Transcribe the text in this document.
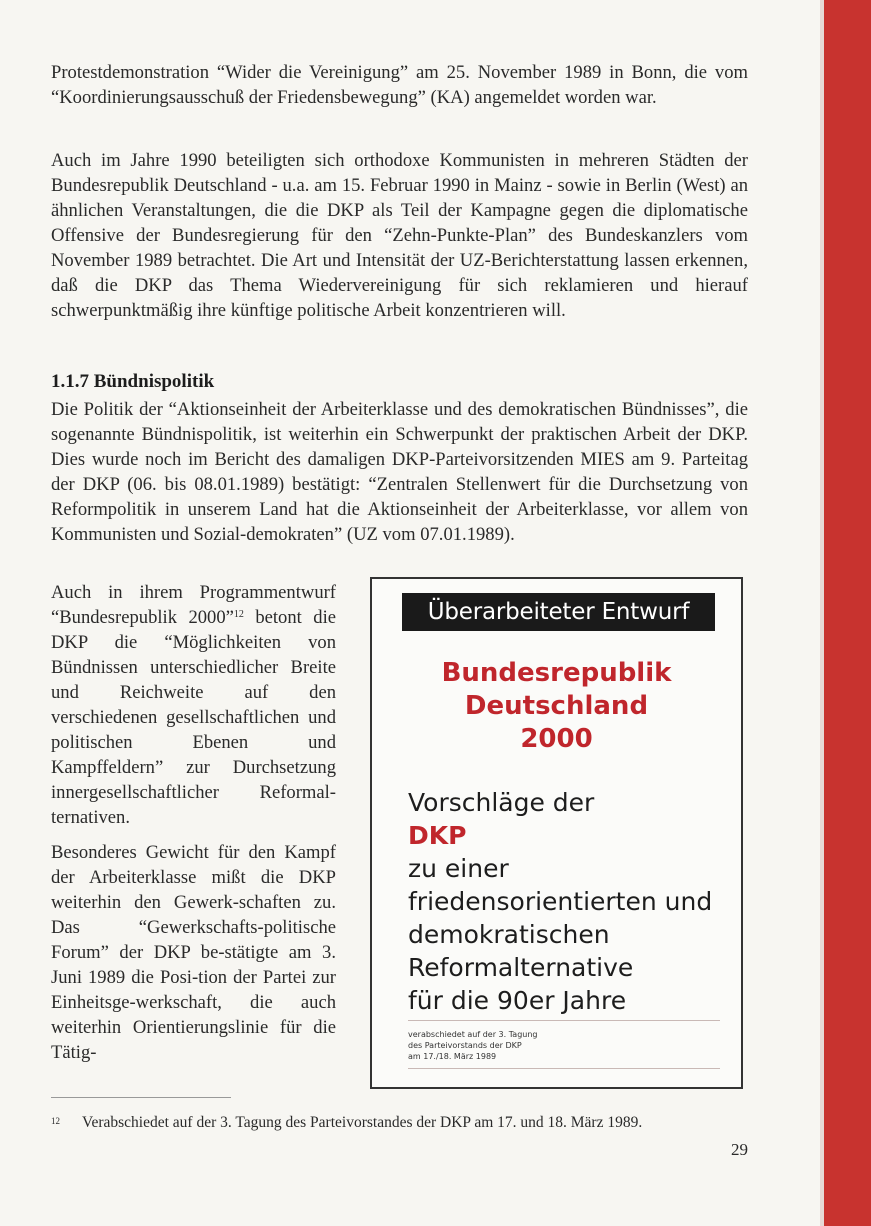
Protestdemonstration “Wider die Vereinigung” am 25. November 1989 in Bonn, die vom “Koordinierungsausschuß der Friedensbewegung” (KA) angemeldet worden war.

Auch im Jahre 1990 beteiligten sich orthodoxe Kommunisten in mehreren Städten der Bundesrepublik Deutschland - u.a. am 15. Februar 1990 in Mainz - sowie in Berlin (West) an ähnlichen Veranstaltungen, die die DKP als Teil der Kampagne gegen die diplomatische Offensive der Bundesregierung für den “Zehn-Punkte-Plan” des Bundeskanzlers vom November 1989 betrachtet. Die Art und Intensität der UZ-Berichterstattung lassen erkennen, daß die DKP das Thema Wiedervereinigung für sich reklamieren und hierauf schwerpunktmäßig ihre künftige politische Arbeit konzentrieren will.

1.1.7 Bündnispolitik

Die Politik der “Aktionseinheit der Arbeiterklasse und des demokratischen Bündnisses”, die sogenannte Bündnispolitik, ist weiterhin ein Schwerpunkt der praktischen Arbeit der DKP. Dies wurde noch im Bericht des damaligen DKP-Parteivorsitzenden MIES am 9. Parteitag der DKP (06. bis 08.01.1989) bestätigt: “Zentralen Stellenwert für die Durchsetzung von Reformpolitik in unserem Land hat die Aktionseinheit der Arbeiterklasse, vor allem von Kommunisten und Sozial-demokraten” (UZ vom 07.01.1989).

Auch in ihrem Programmentwurf “Bundesrepublik 2000”$^{12}$ betont die DKP die “Möglichkeiten von Bündnissen unterschiedlicher Breite und Reichweite auf den verschiedenen gesellschaftlichen und politischen Ebenen und Kampffeldern” zur Durchsetzung innergesellschaftlicher Reformal-ternativen.

Besonderes Gewicht für den Kampf der Arbeiterklasse mißt die DKP weiterhin den Gewerk-schaften zu. Das “Gewerkschafts-politische Forum” der DKP be-stätigte am 3. Juni 1989 die Posi-tion der Partei zur Einheitsge-werkschaft, die auch weiterhin Orientierungslinie für die Tätig-

Überarbeiteter Entwurf
Bundesrepublik
Deutschland
2000
Vorschläge der
DKP
zu einer
friedensorientierten und
demokratischen
Reformalternative
für die 90er Jahre
verabschiedet auf der 3. Tagung
des Parteivorstands der DKP
am 17./18. März 1989

$^{12}$ Verabschiedet auf der 3. Tagung des Parteivorstandes der DKP am 17. und 18. März 1989.

29
